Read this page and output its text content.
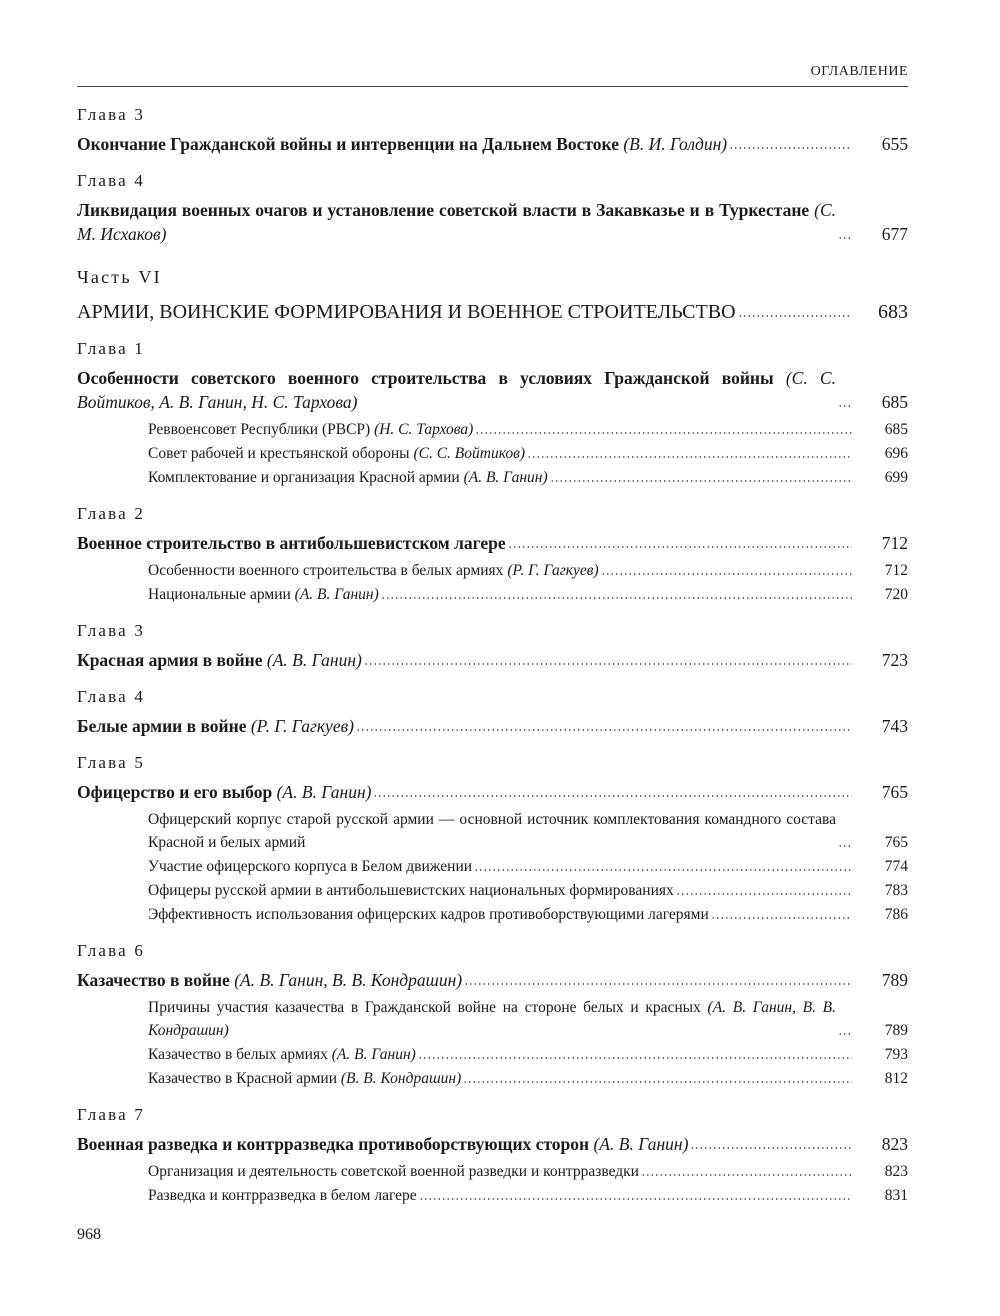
ОГЛАВЛЕНИЕ
Глава 3
Окончание Гражданской войны и интервенции на Дальнем Востоке (В. И. Голдин)	655
Глава 4
Ликвидация военных очагов и установление советской власти в Закавказье и в Туркестане (С. М. Исхаков)	677
Часть VI
АРМИИ, ВОИНСКИЕ ФОРМИРОВАНИЯ И ВОЕННОЕ СТРОИТЕЛЬСТВО	683
Глава 1
Особенности советского военного строительства в условиях Гражданской войны (С. С. Войтиков, А. В. Ганин, Н. С. Тархова)	685
Реввоенсовет Республики (РВСР) (Н. С. Тархова)	685
Совет рабочей и крестьянской обороны (С. С. Войтиков)	696
Комплектование и организация Красной армии (А. В. Ганин)	699
Глава 2
Военное строительство в антибольшевистском лагере	712
Особенности военного строительства в белых армиях (Р. Г. Гагкуев)	712
Национальные армии (А. В. Ганин)	720
Глава 3
Красная армия в войне (А. В. Ганин)	723
Глава 4
Белые армии в войне (Р. Г. Гагкуев)	743
Глава 5
Офицерство и его выбор (А. В. Ганин)	765
Офицерский корпус старой русской армии — основной источник комплектования командного состава Красной и белых армий	765
Участие офицерского корпуса в Белом движении	774
Офицеры русской армии в антибольшевистских национальных формированиях	783
Эффективность использования офицерских кадров противоборствующими лагерями	786
Глава 6
Казачество в войне (А. В. Ганин, В. В. Кондрашин)	789
Причины участия казачества в Гражданской войне на стороне белых и красных (А. В. Ганин, В. В. Кондрашин)	789
Казачество в белых армиях (А. В. Ганин)	793
Казачество в Красной армии (В. В. Кондрашин)	812
Глава 7
Военная разведка и контрразведка противоборствующих сторон (А. В. Ганин)	823
Организация и деятельность советской военной разведки и контрразведки	823
Разведка и контрразведка в белом лагере	831
968
